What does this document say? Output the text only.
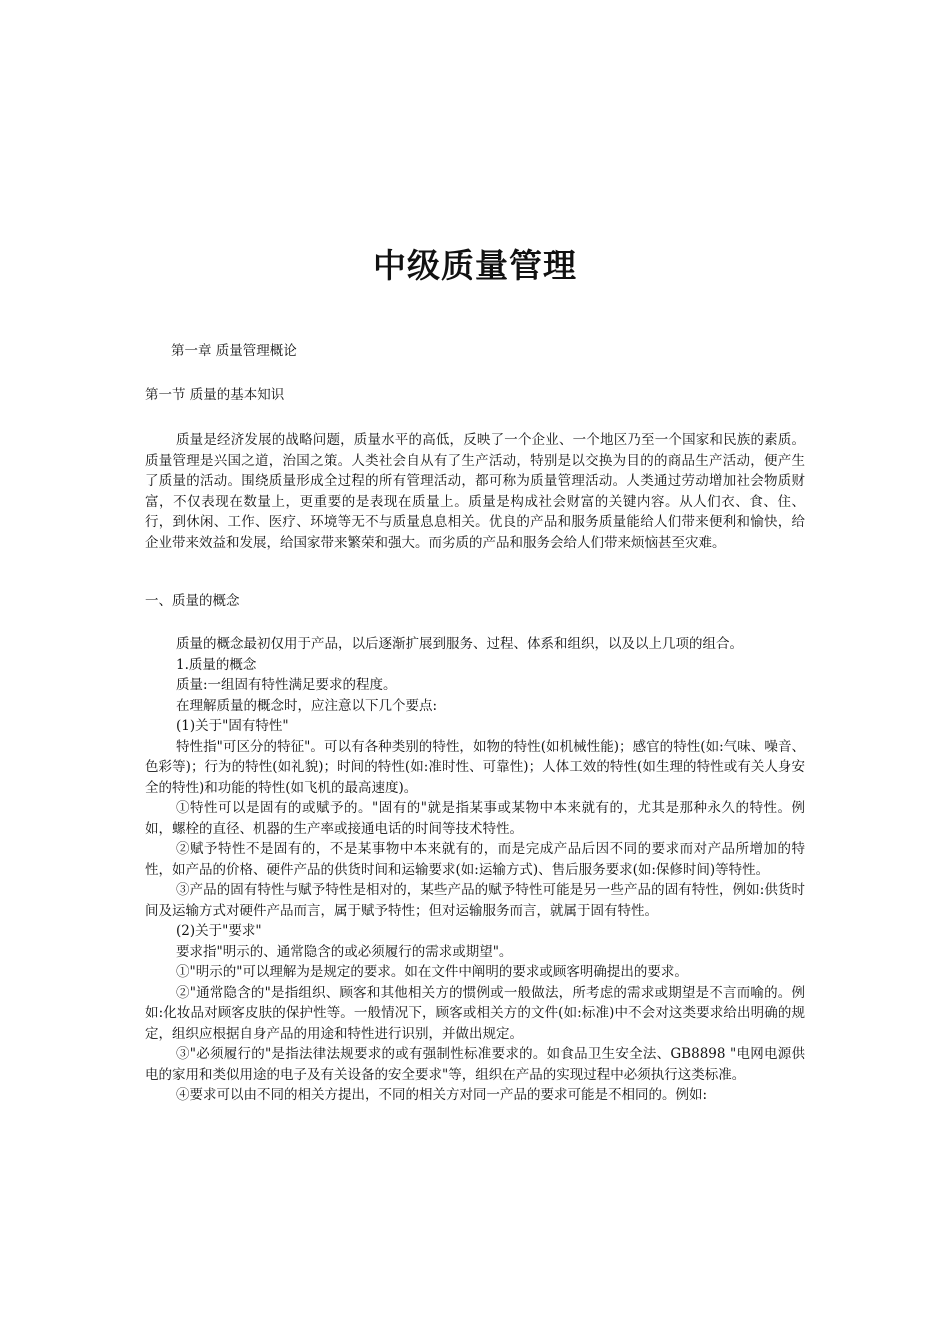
中级质量管理
第一章 质量管理概论
第一节 质量的基本知识

质量是经济发展的战略问题，质量水平的高低，反映了一个企业、一个地区乃至一个国家和民族的素质。质量管理是兴国之道，治国之策。人类社会自从有了生产活动，特别是以交换为目的的商品生产活动，便产生了质量的活动。围绕质量形成全过程的所有管理活动，都可称为质量管理活动。人类通过劳动增加社会物质财富，不仅表现在数量上，更重要的是表现在质量上。质量是构成社会财富的关键内容。从人们衣、食、住、行，到休闲、工作、医疗、环境等无不与质量息息相关。优良的产品和服务质量能给人们带来便利和愉快，给企业带来效益和发展，给国家带来繁荣和强大。而劣质的产品和服务会给人们带来烦恼甚至灾难。

一、质量的概念

质量的概念最初仅用于产品，以后逐渐扩展到服务、过程、体系和组织，以及以上几项的组合。

1.质量的概念

质量:一组固有特性满足要求的程度。

在理解质量的概念时，应注意以下几个要点:

(1)关于"固有特性"

特性指"可区分的特征"。可以有各种类别的特性，如物的特性(如机械性能)；感官的特性(如:气味、噪音、色彩等)；行为的特性(如礼貌)；时间的特性(如:准时性、可靠性)；人体工效的特性(如生理的特性或有关人身安全的特性)和功能的特性(如飞机的最高速度)。

①特性可以是固有的或赋予的。"固有的"就是指某事或某物中本来就有的，尤其是那种永久的特性。例如，螺栓的直径、机器的生产率或接通电话的时间等技术特性。

②赋予特性不是固有的，不是某事物中本来就有的，而是完成产品后因不同的要求而对产品所增加的特性，如产品的价格、硬件产品的供货时间和运输要求(如:运输方式)、售后服务要求(如:保修时间)等特性。

③产品的固有特性与赋予特性是相对的，某些产品的赋予特性可能是另一些产品的固有特性，例如:供货时间及运输方式对硬件产品而言，属于赋予特性；但对运输服务而言，就属于固有特性。

(2)关于"要求"

要求指"明示的、通常隐含的或必须履行的需求或期望"。

①"明示的"可以理解为是规定的要求。如在文件中阐明的要求或顾客明确提出的要求。

②"通常隐含的"是指组织、顾客和其他相关方的惯例或一般做法，所考虑的需求或期望是不言而喻的。例如:化妆品对顾客皮肤的保护性等。一般情况下，顾客或相关方的文件(如:标准)中不会对这类要求给出明确的规定，组织应根据自身产品的用途和特性进行识别，并做出规定。

③"必须履行的"是指法律法规要求的或有强制性标准要求的。如食品卫生安全法、GB8898 "电网电源供电的家用和类似用途的电子及有关设备的安全要求"等，组织在产品的实现过程中必须执行这类标准。

④要求可以由不同的相关方提出，不同的相关方对同一产品的要求可能是不相同的。例如:
